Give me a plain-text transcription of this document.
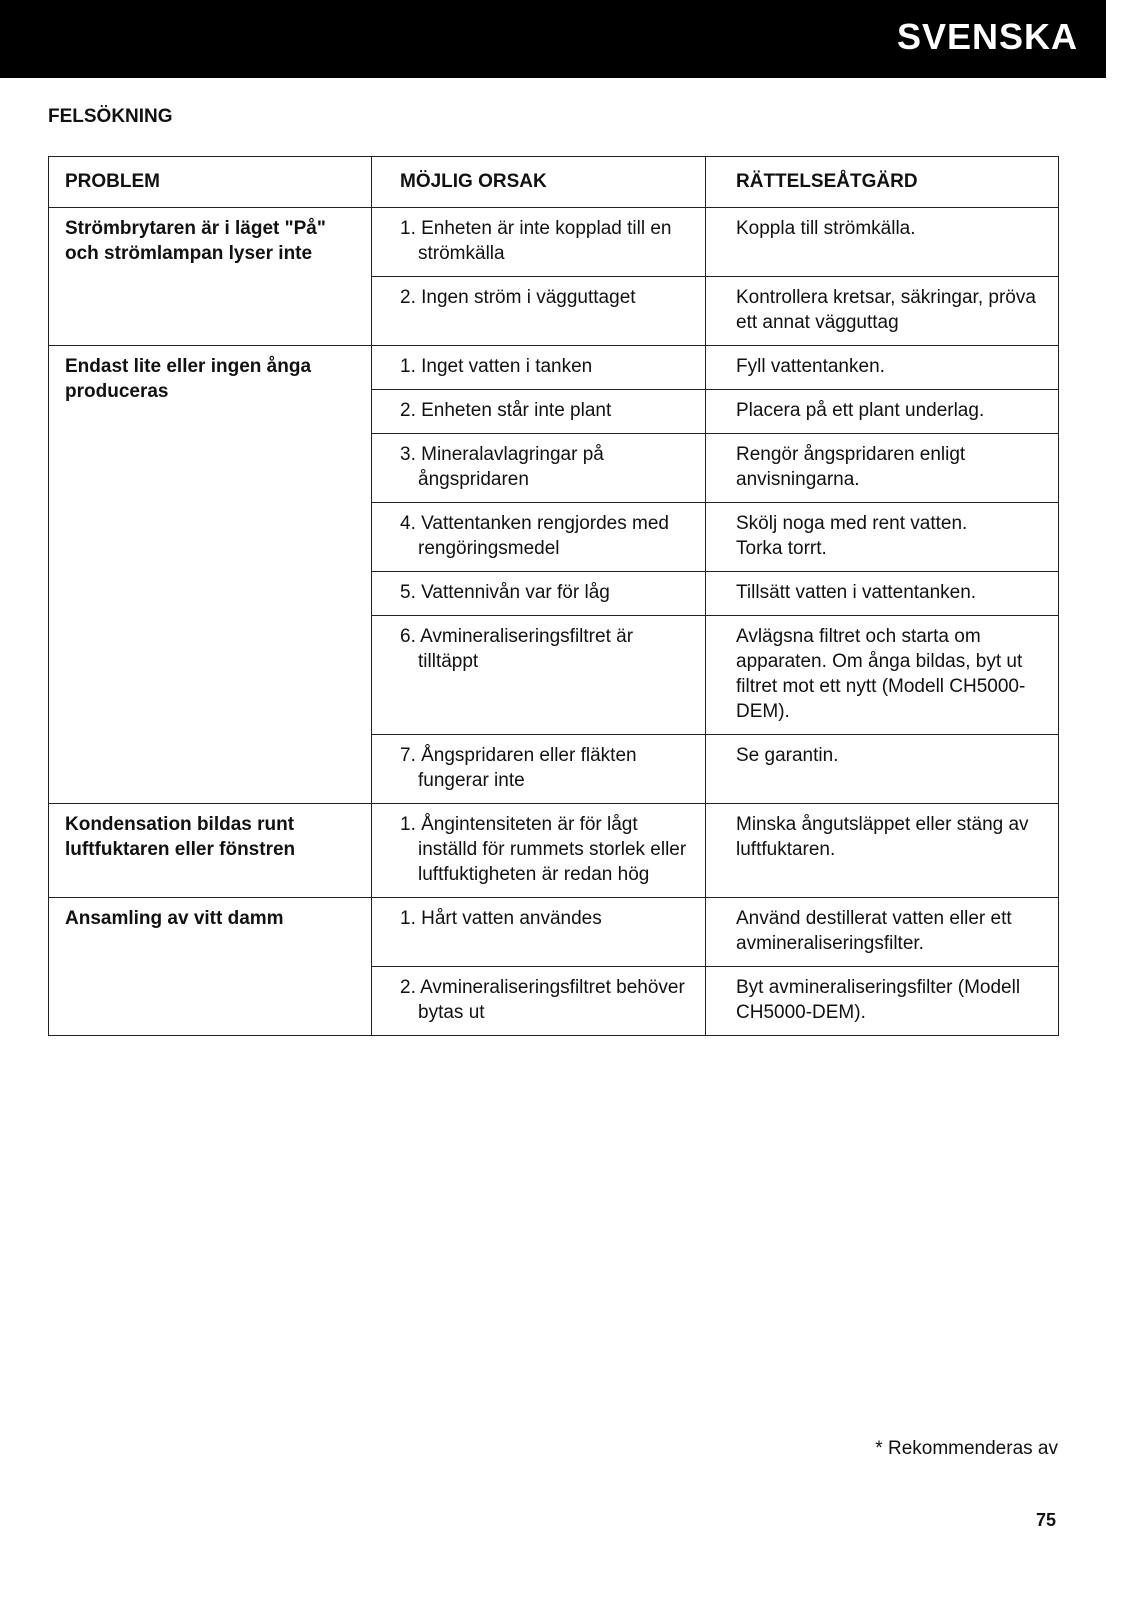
SVENSKA
FELSÖKNING
PROBLEM	MÖJLIG ORSAK	RÄTTELSEÅTGÄRD
Strömbrytaren är i läget "På" och strömlampan lyser inte	1. Enheten är inte kopplad till en strömkälla	Koppla till strömkälla.

	2. Ingen ström i vägguttaget	Kontrollera kretsar, säkringar, pröva ett annat vägguttag
Endast lite eller ingen ånga produceras	1. Inget vatten i tanken	Fyll vattentanken.

	2. Enheten står inte plant	Placera på ett plant underlag.

	3. Mineralavlagringar på ångspridaren	Rengör ångspridaren enligt anvisningarna.

	4. Vattentanken rengjordes med rengöringsmedel	Skölj noga med rent vatten.
Torka torrt.

	5. Vattennivån var för låg	Tillsätt vatten i vattentanken.

	6. Avmineraliseringsfiltret är tilltäppt	Avlägsna filtret och starta om apparaten. Om ånga bildas, byt ut filtret mot ett nytt (Modell CH5000-DEM).

	7. Ångspridaren eller fläkten fungerar inte	Se garantin.
Kondensation bildas runt luftfuktaren eller fönstren	1. Ångintensiteten är för lågt inställd för rummets storlek eller luftfuktigheten är redan hög	Minska ångutsläppet eller stäng av luftfuktaren.
Ansamling av vitt damm	1. Hårt vatten användes	Använd destillerat vatten eller ett avmineraliseringsfilter.

	2. Avmineraliseringsfiltret behöver bytas ut	Byt avmineraliseringsfilter (Modell CH5000-DEM).
* Rekommenderas av
75
